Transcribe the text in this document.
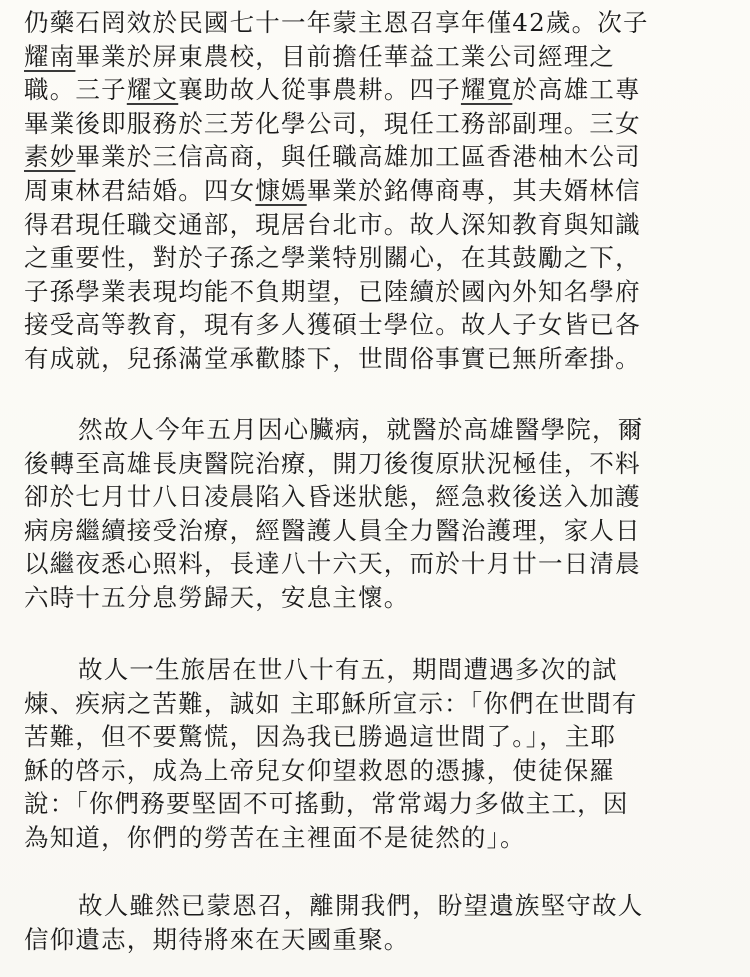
仍藥石罔效於民國七十一年蒙主恩召享年僅42歲。次子
耀南畢業於屏東農校，目前擔任華益工業公司經理之
職。三子耀文襄助故人從事農耕。四子耀寬於高雄工專
畢業後即服務於三芳化學公司，現任工務部副理。三女
素妙畢業於三信高商，與任職高雄加工區香港柚木公司
周東林君結婚。四女慷嫣畢業於銘傳商專，其夫婿林信
得君現任職交通部，現居台北市。故人深知教育與知識
之重要性，對於子孫之學業特別關心，在其鼓勵之下，
子孫學業表現均能不負期望，已陸續於國內外知名學府
接受高等教育，現有多人獲碩士學位。故人子女皆已各
有成就，兒孫滿堂承歡膝下，世間俗事實已無所牽掛。
然故人今年五月因心臟病，就醫於高雄醫學院，爾
後轉至高雄長庚醫院治療，開刀後復原狀況極佳，不料
卻於七月廿八日凌晨陷入昏迷狀態，經急救後送入加護
病房繼續接受治療，經醫護人員全力醫治護理，家人日
以繼夜悉心照料，長達八十六天，而於十月廿一日清晨
六時十五分息勞歸天，安息主懷。
故人一生旅居在世八十有五，期間遭遇多次的試
煉、疾病之苦難，誠如 主耶穌所宣示：「你們在世間有
苦難，但不要驚慌，因為我已勝過這世間了。」，主耶
穌的啓示，成為上帝兒女仰望救恩的憑據，使徒保羅
說：「你們務要堅固不可搖動，常常竭力多做主工，因
為知道，你們的勞苦在主裡面不是徒然的」。
故人雖然已蒙恩召，離開我們，盼望遺族堅守故人
信仰遺志，期待將來在天國重聚。
